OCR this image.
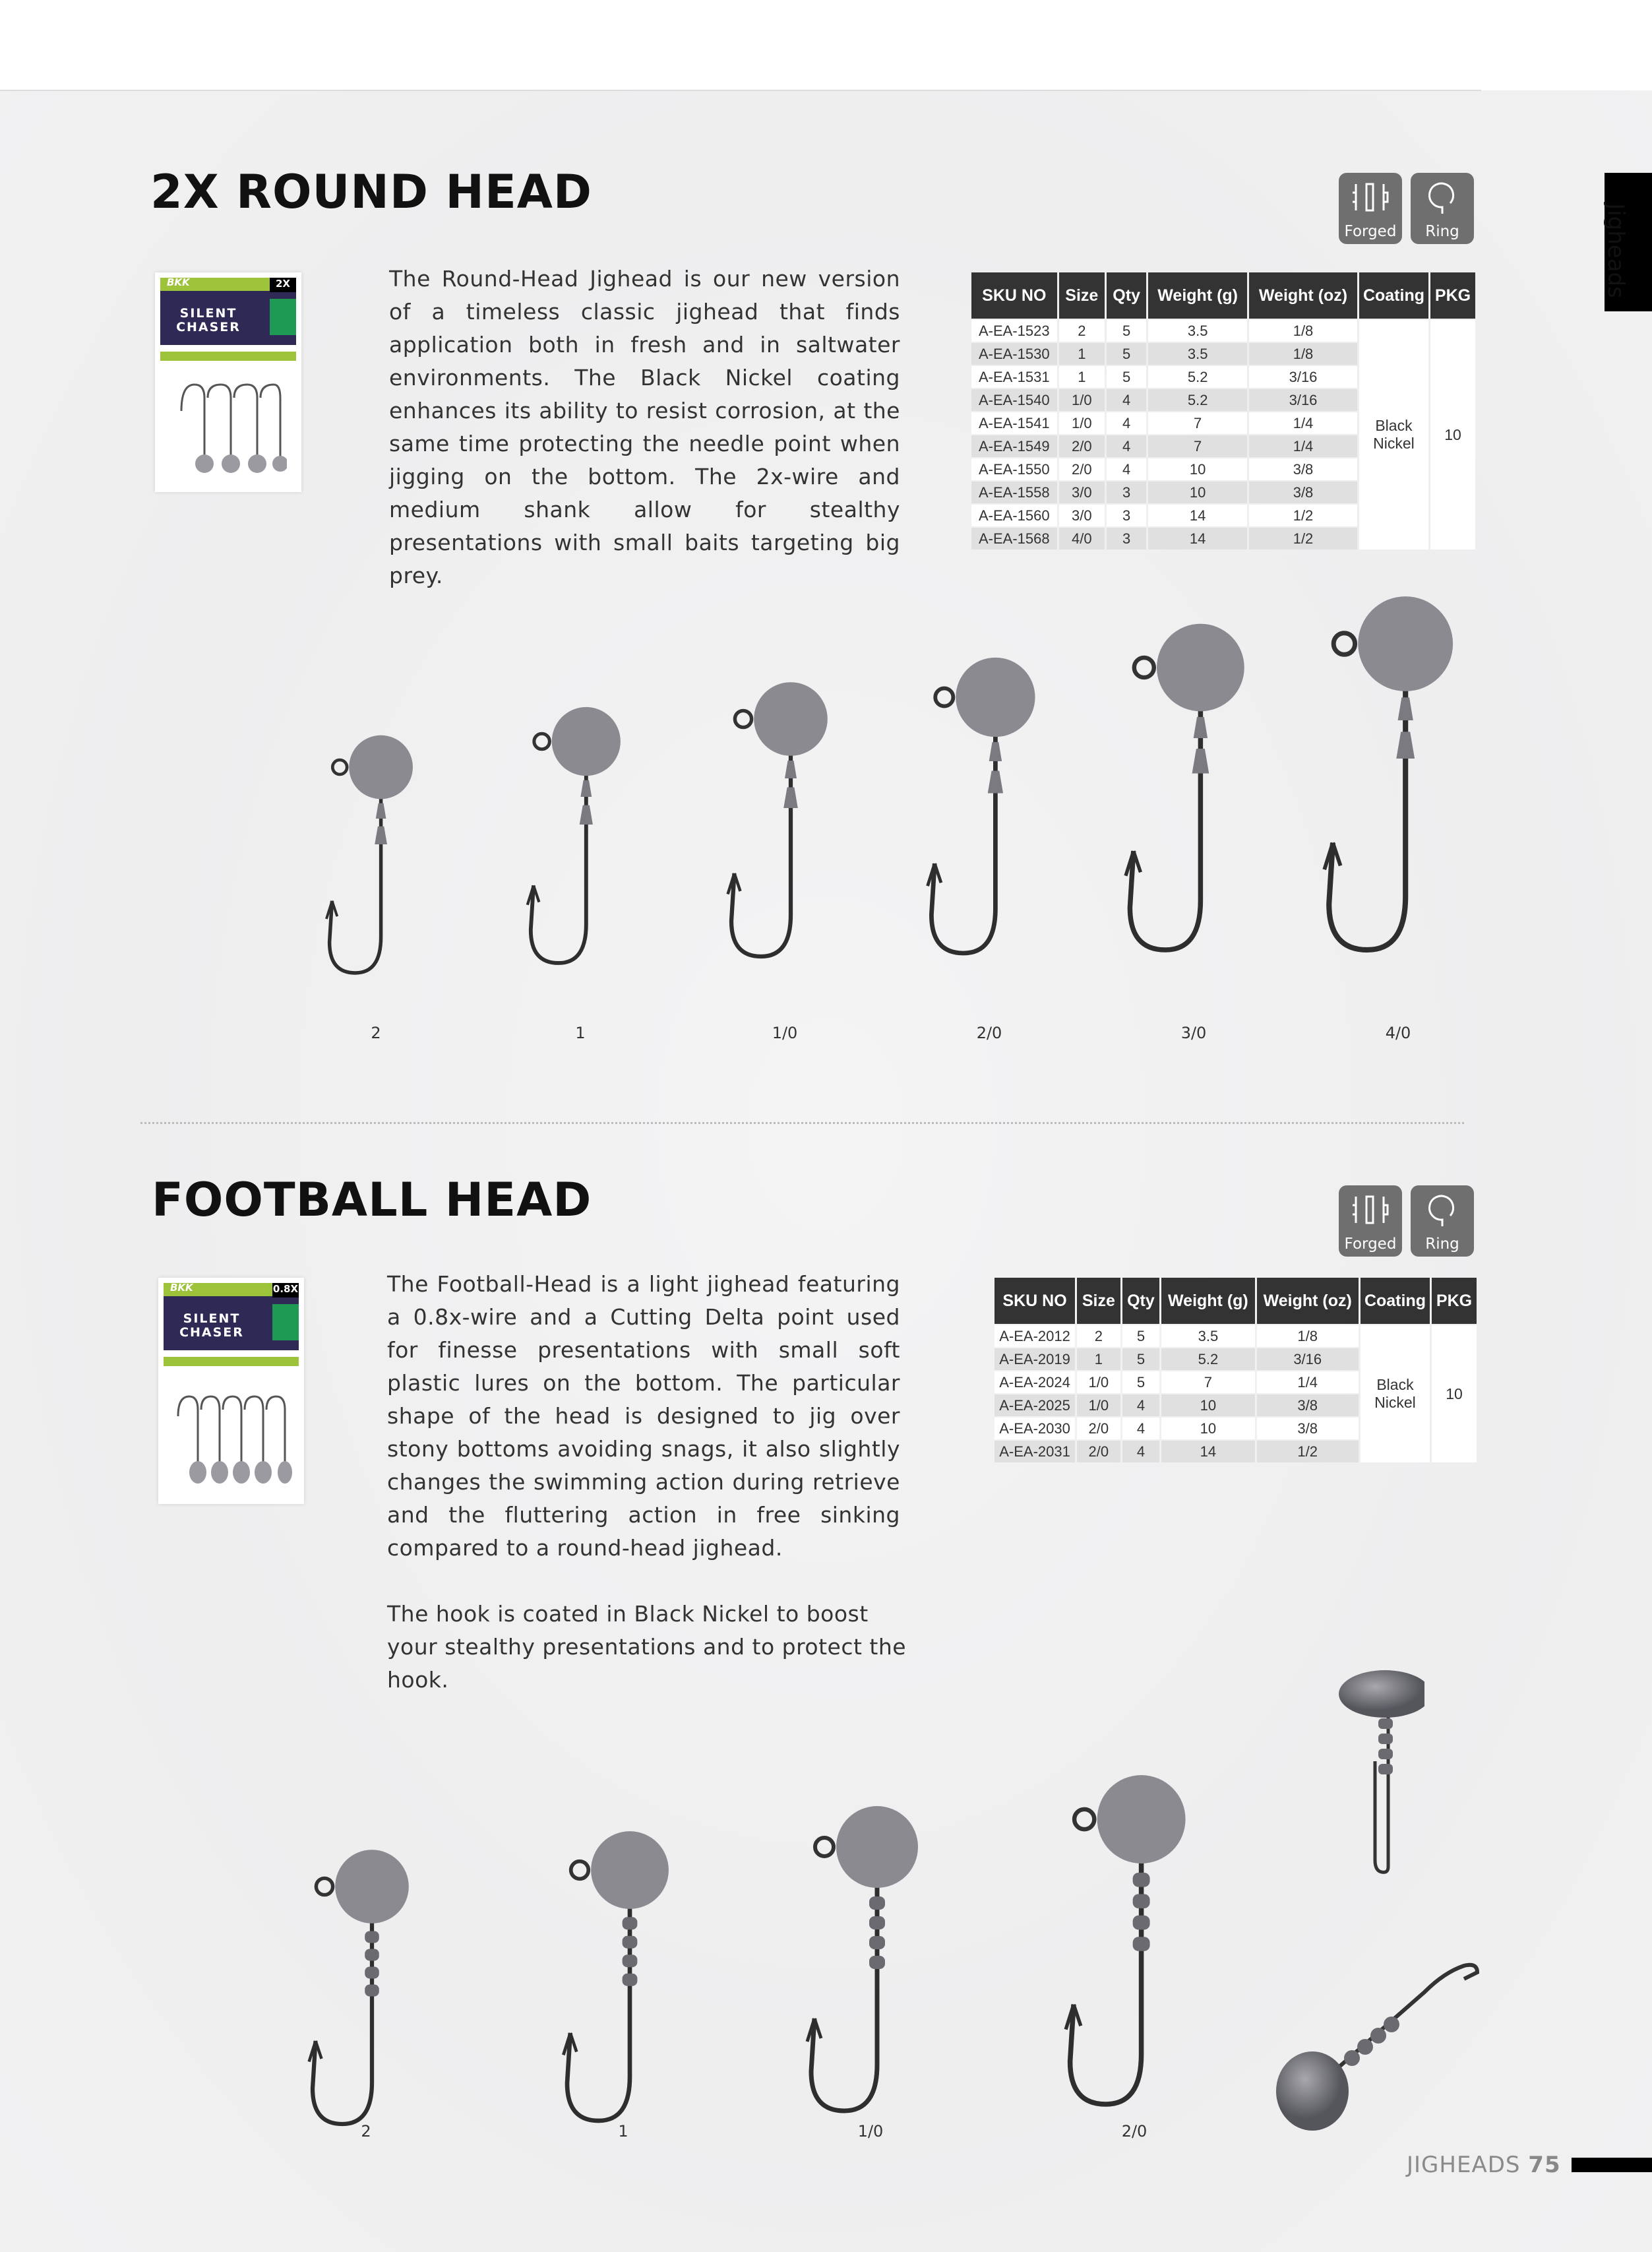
Jigheads
2X ROUND HEAD
Forged Ring
BKK	2X
SILENT CHASER

The Round-Head Jighead is our new version of a timeless classic jighead that finds application both in fresh and in saltwater environments. The Black Nickel coating enhances its ability to resist corrosion, at the same time protecting the needle point when jigging on the bottom. The 2x-wire and medium shank allow for stealthy presentations with small baits targeting big prey.

SKU NO	Size	Qty	Weight (g)	Weight (oz)	Coating	PKG
A-EA-1523	2	5	3.5	1/8	Black Nickel	10
A-EA-1530	1	5	3.5	1/8		
A-EA-1531	1	5	5.2	3/16		
A-EA-1540	1/0	4	5.2	3/16		
A-EA-1541	1/0	4	7	1/4		
A-EA-1549	2/0	4	7	1/4		
A-EA-1550	2/0	4	10	3/8		
A-EA-1558	3/0	3	10	3/8		
A-EA-1560	3/0	3	14	1/2		
A-EA-1568	4/0	3	14	1/2		
2	1	1/0	2/0	3/0	4/0
FOOTBALL HEAD
Forged Ring
BKK	0.8X
SILENT CHASER

The Football-Head is a light jighead featuring a 0.8x-wire and a Cutting Delta point used for finesse presentations with small soft plastic lures on the bottom. The particular shape of the head is designed to jig over stony bottoms avoiding snags, it also slightly changes the swimming action during retrieve and the fluttering action in free sinking compared to a round-head jighead.

The hook is coated in Black Nickel to boost your stealthy presentations and to protect the hook.

SKU NO	Size	Qty	Weight (g)	Weight (oz)	Coating	PKG
A-EA-2012	2	5	3.5	1/8	Black Nickel	10
A-EA-2019	1	5	5.2	3/16		
A-EA-2024	1/0	5	7	1/4		
A-EA-2025	1/0	4	10	3/8		
A-EA-2030	2/0	4	10	3/8		
A-EA-2031	2/0	4	14	1/2		
2	1	1/0	2/0
JIGHEADS 75
